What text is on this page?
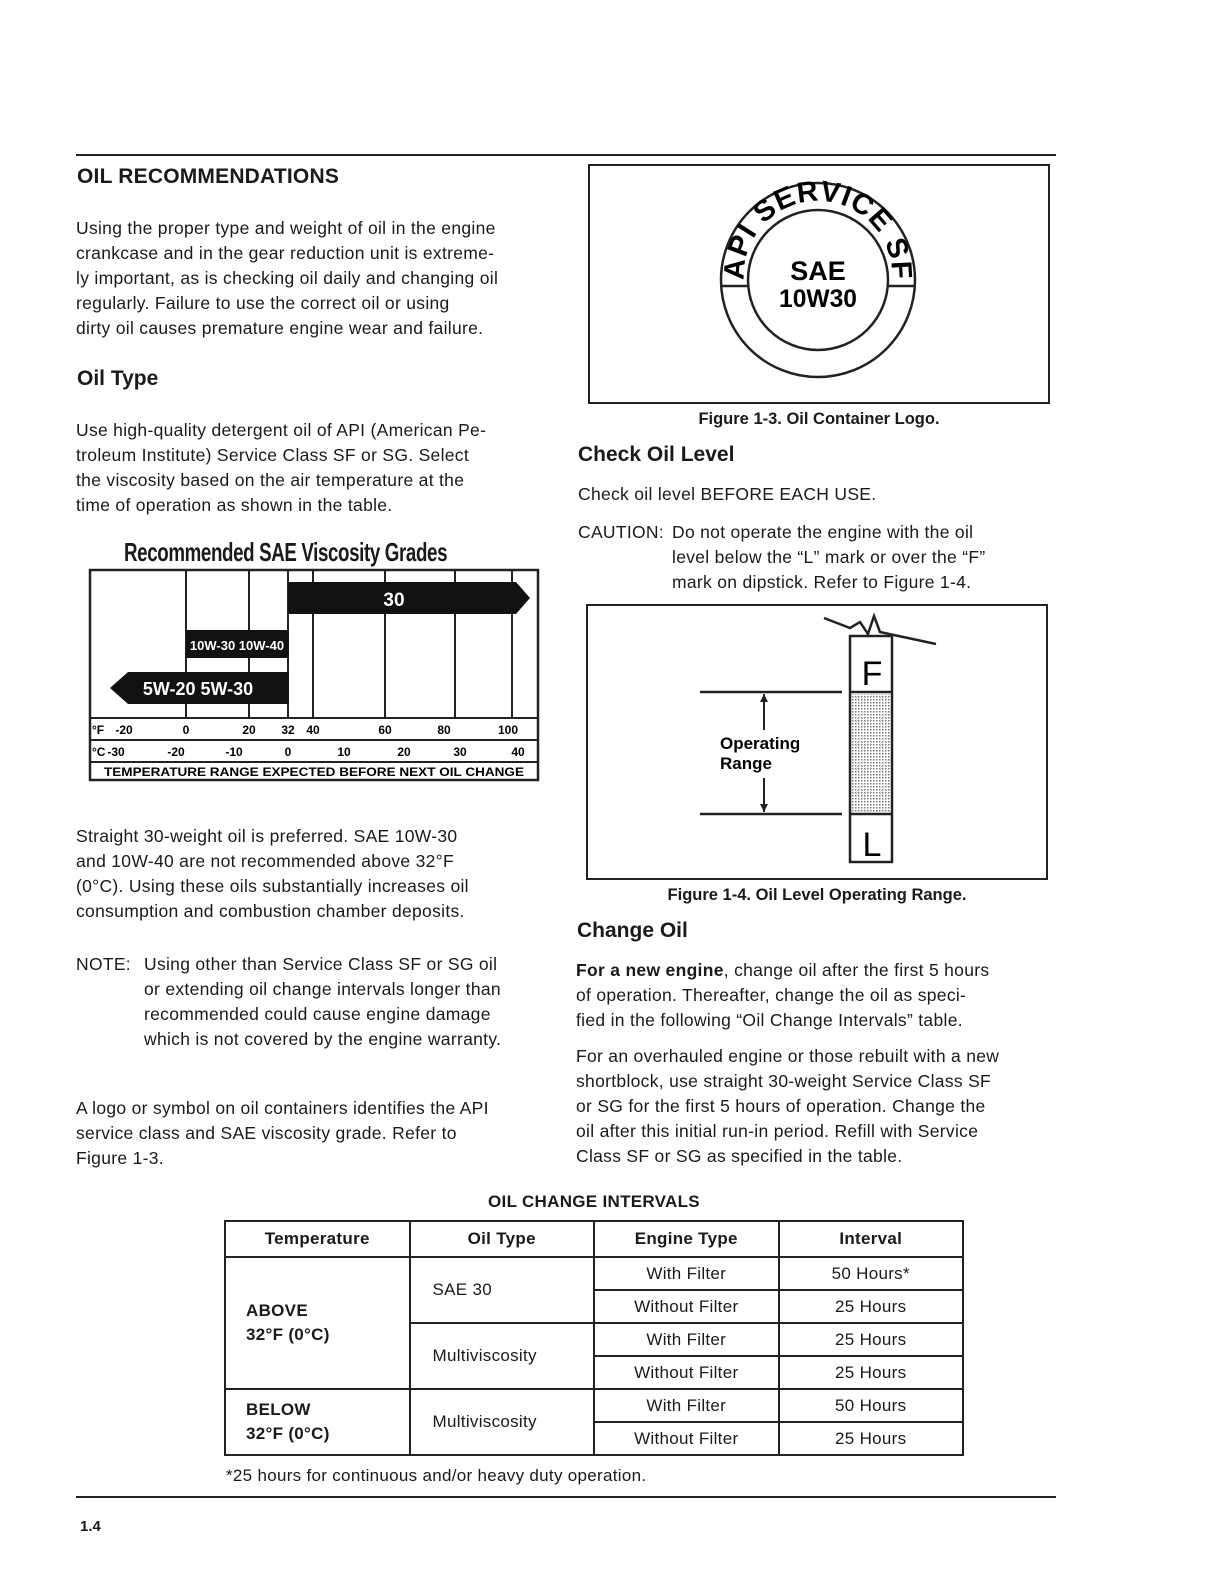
OIL RECOMMENDATIONS
Using the proper type and weight of oil in the engine
crankcase and in the gear reduction unit is extreme-
ly important, as is checking oil daily and changing oil
regularly. Failure to use the correct oil or using
dirty oil causes premature engine wear and failure.
Oil Type
Use high-quality detergent oil of API (American Pe-
troleum Institute) Service Class SF or SG. Select
the viscosity based on the air temperature at the
time of operation as shown in the table.
Recommended SAE Viscosity Grades
30
10W-30 10W-40
5W-20 5W-30
°F
°C
-20	0	20 32 40	60	80	100
-30	-20	-10	0	10	20	30	40
TEMPERATURE RANGE EXPECTED BEFORE NEXT OIL CHANGE
Straight 30-weight oil is preferred. SAE 10W-30
and 10W-40 are not recommended above 32°F
(0°C). Using these oils substantially increases oil
consumption and combustion chamber deposits.
NOTE: Using other than Service Class SF or SG oil
or extending oil change intervals longer than
recommended could cause engine damage
which is not covered by the engine warranty.
A logo or symbol on oil containers identifies the API
service class and SAE viscosity grade. Refer to
Figure 1-3.
API SERVICE SF
SAE
10W30
Figure 1-3. Oil Container Logo.
Check Oil Level
Check oil level BEFORE EACH USE.
CAUTION: Do not operate the engine with the oil
level below the “L” mark or over the “F”
mark on dipstick. Refer to Figure 1-4.
F
L
Operating
Range
Figure 1-4. Oil Level Operating Range.
Change Oil
For a new engine, change oil after the first 5 hours
of operation. Thereafter, change the oil as speci-
fied in the following “Oil Change Intervals” table.
For an overhauled engine or those rebuilt with a new
shortblock, use straight 30-weight Service Class SF
or SG for the first 5 hours of operation. Change the
oil after this initial run-in period. Refill with Service
Class SF or SG as specified in the table.
OIL CHANGE INTERVALS
Temperature	Oil Type	Engine Type	Interval

ABOVE
32°F (0°C)	SAE 30	With Filter	50 Hours*
		Without Filter	25 Hours
	Multiviscosity	With Filter	25 Hours
		Without Filter	25 Hours

BELOW
32°F (0°C)	Multiviscosity	With Filter	50 Hours
		Without Filter	25 Hours
*25 hours for continuous and/or heavy duty operation.
1.4
